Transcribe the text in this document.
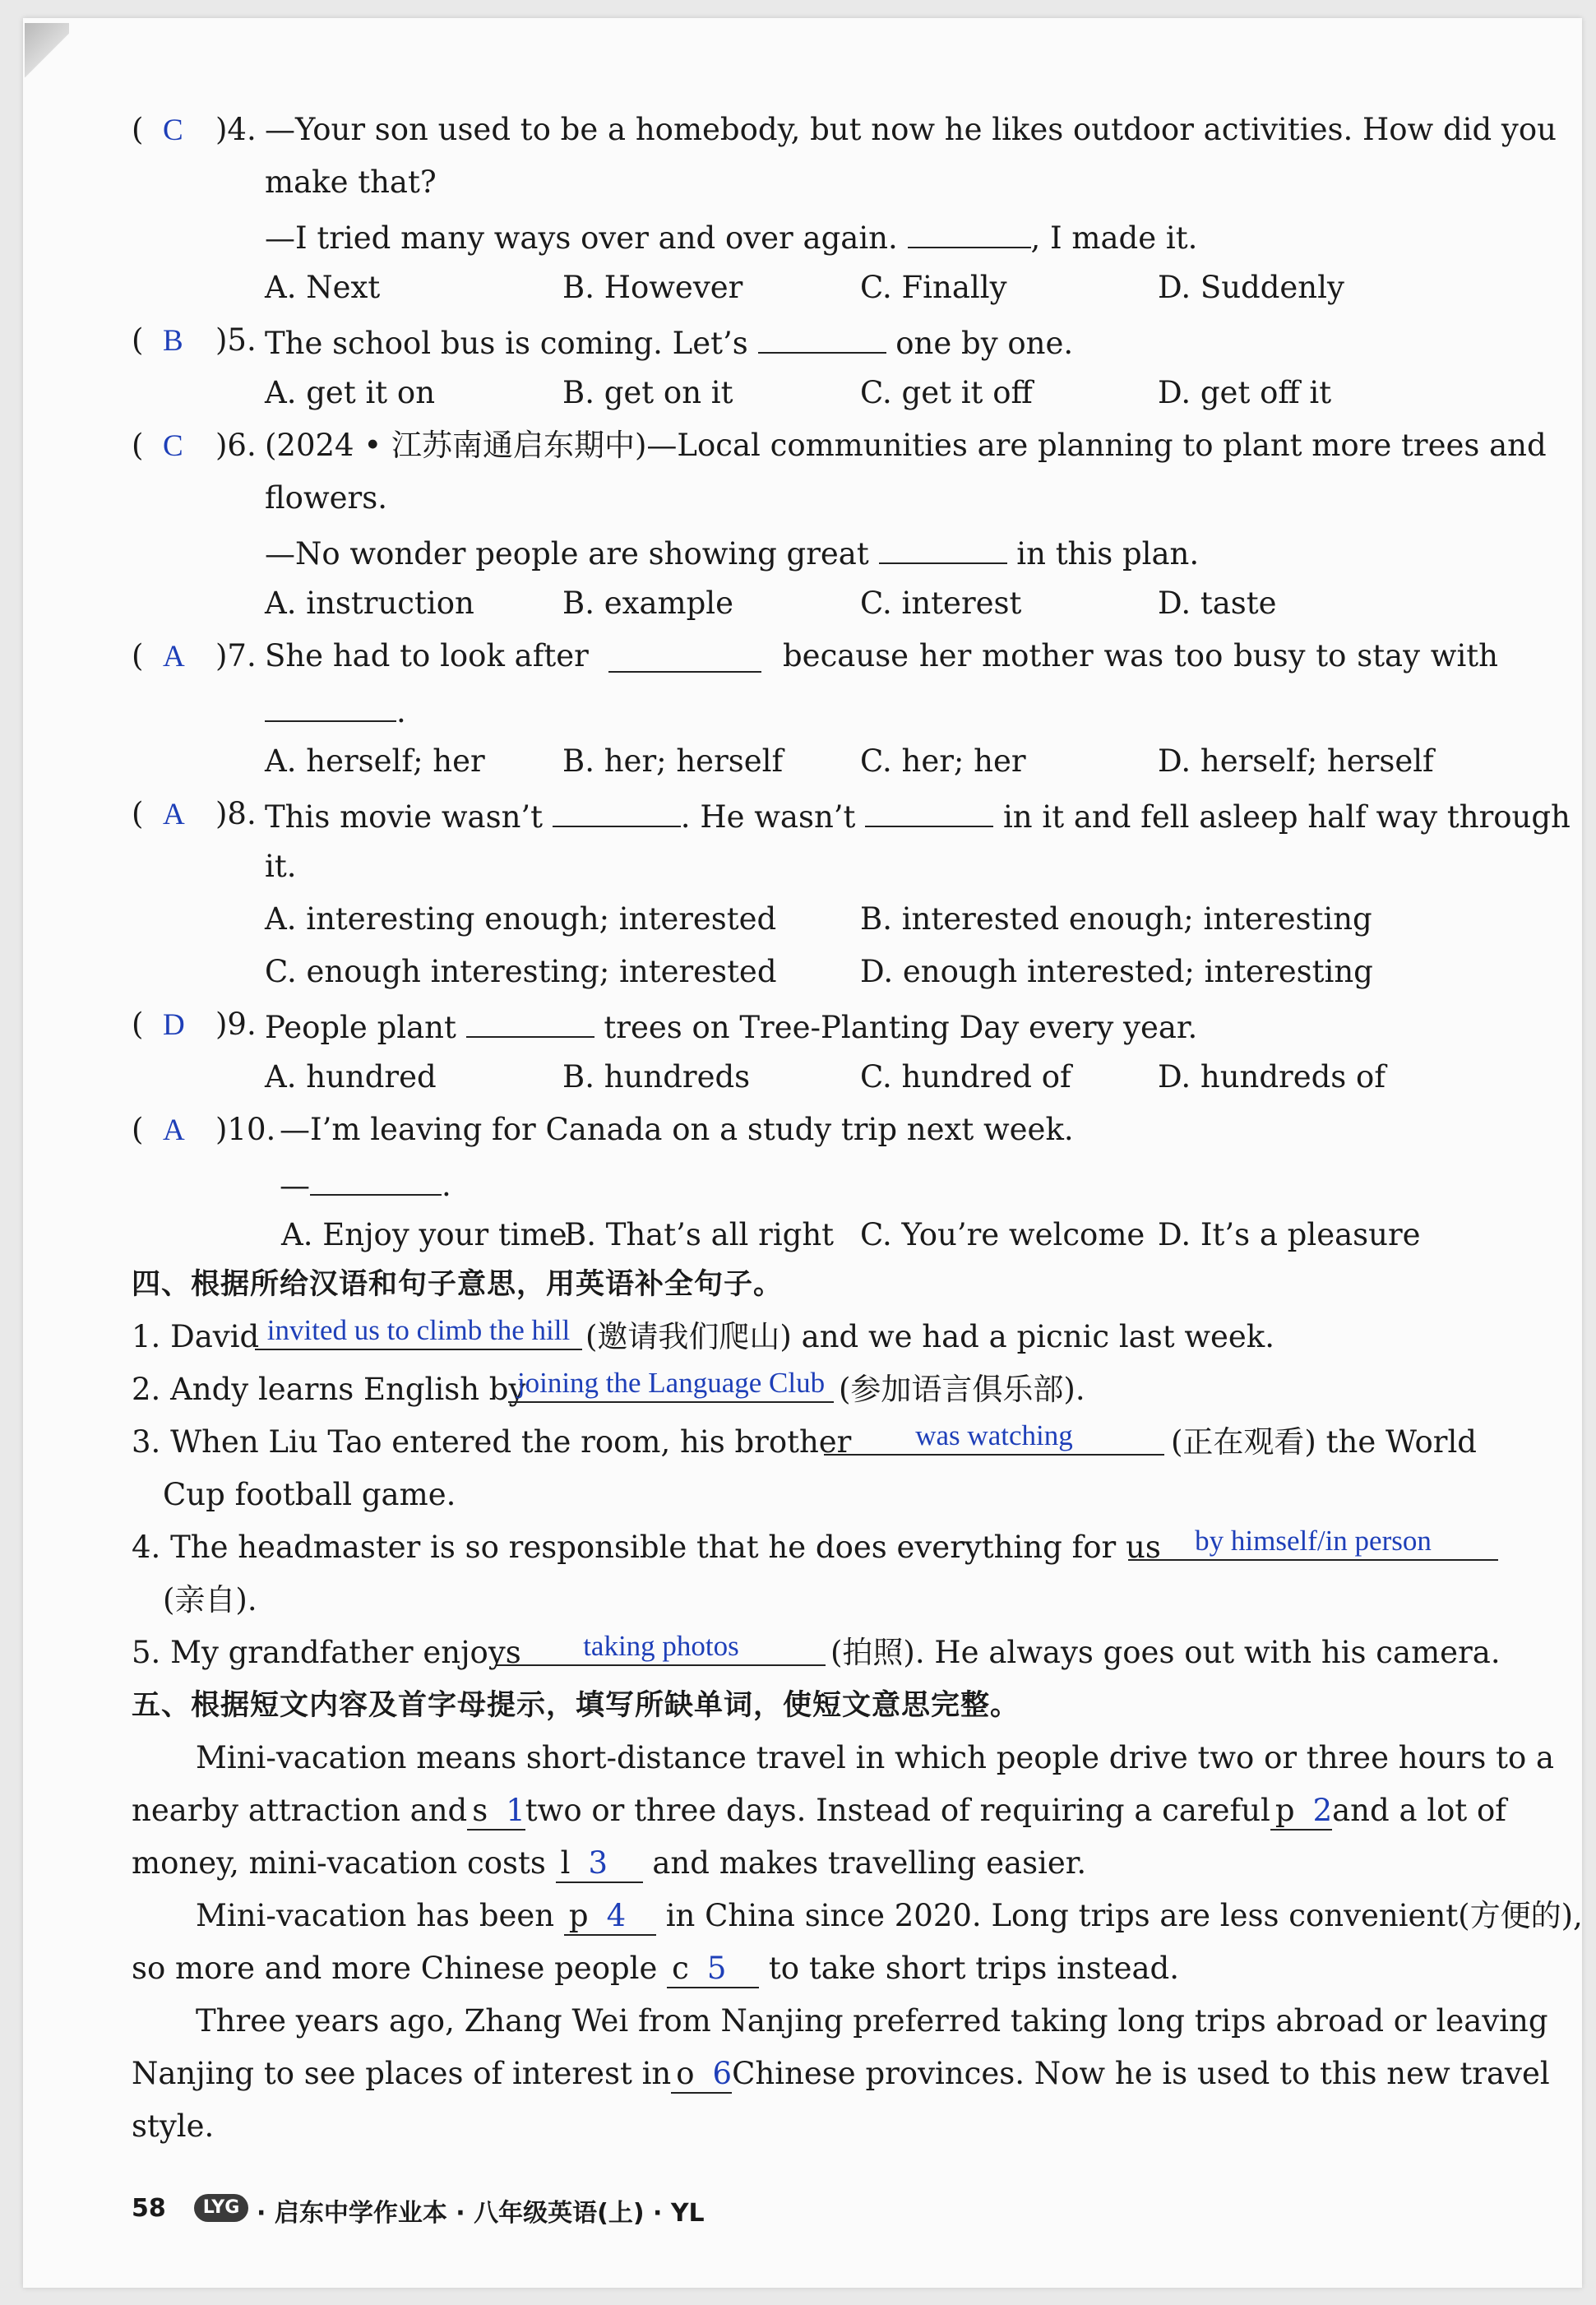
(  C	)4. —Your son used to be a homebody, but now he likes outdoor activities. How did you
make that?
—I tried many ways over and over again.	, I made it.
A. Next	B. However	C. Finally	D. Suddenly
(  B	)5. The school bus is coming. Let’s	one by one.
A. get it on	B. get on it	C. get it off	D. get off it
(  C	)6. (2024 • 江苏南通启东期中)—Local communities are planning to plant more trees and
flowers.
—No wonder people are showing great	in this plan.
A. instruction	B. example	C. interest	D. taste
(  A	)7. She had to look after	because her mother was too busy to stay with
.
A. herself; her	B. her; herself	C. her; her	D. herself; herself
(  A	)8. This movie wasn’t	. He wasn’t	in it and fell asleep half way through
it.
A. interesting enough; interested	B. interested enough; interesting
C. enough interesting; interested	D. enough interested; interesting
(  D	)9. People plant	trees on Tree-Planting Day every year.
A. hundred	B. hundreds	C. hundred of	D. hundreds of
(  A	)10. —I’m leaving for Canada on a study trip next week.
—	.
A. Enjoy your time
B. That’s all right C. You’re welcome D. It’s a pleasure
四、根据所给汉语和句子意思，用英语补全句子。
1. David invited us to climb the hill (邀请我们爬山) and we had a picnic last week.
2. Andy learns English by
joining the Language Club (参加语言俱乐部).
3. When Liu Tao entered the room, his brother	was watching	(正在观看) the World
Cup football game.
4. The headmaster is so responsible that he does everything for us	by himself/in person
(亲自).
5. My grandfather enjoys	taking photos	(拍照). He always goes out with his camera.
五、根据短文内容及首字母提示，填写所缺单词，使短文意思完整。
Mini-vacation means short-distance travel in which people drive two or three hours to a
nearby attraction and s 1 two or three days. Instead of requiring a careful p 2 and a lot of
money, mini-vacation costs l 3 and makes travelling easier.
Mini-vacation has been p 4 in China since 2020. Long trips are less convenient(方便的),
so more and more Chinese people c 5 to take short trips instead.
Three years ago, Zhang Wei from Nanjing preferred taking long trips abroad or leaving
Nanjing to see places of interest in o 6 Chinese provinces. Now he is used to this new travel
style.
58	LYG · 启东中学作业本 · 八年级英语(上) · YL
